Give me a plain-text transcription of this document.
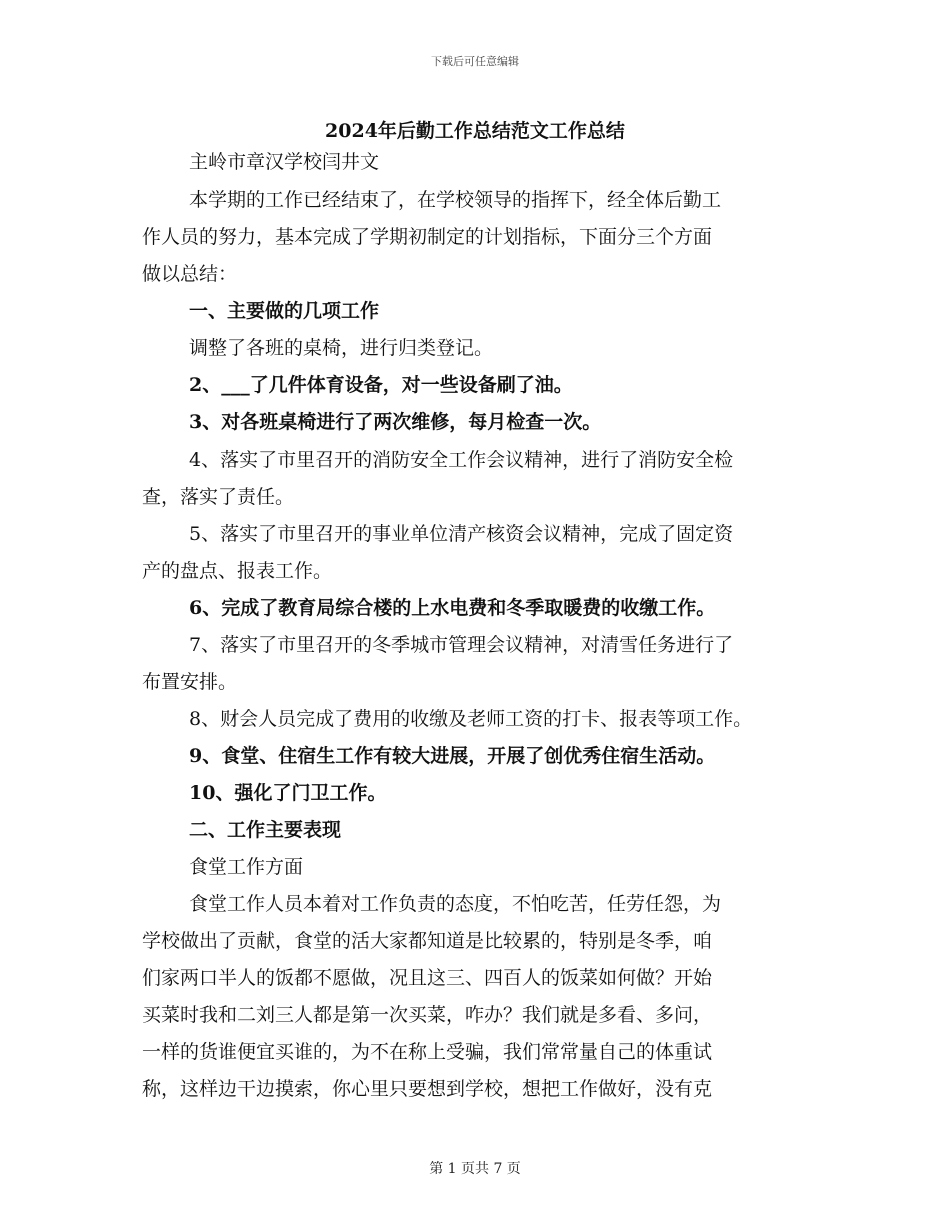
下载后可任意编辑
2024年后勤工作总结范文工作总结
主岭市章汉学校闫井文
本学期的工作已经结束了，在学校领导的指挥下，经全体后勤工
作人员的努力，基本完成了学期初制定的计划指标，下面分三个方面
做以总结：
一、主要做的几项工作
调整了各班的桌椅，进行归类登记。
2、___了几件体育设备，对一些设备刷了油。
3、对各班桌椅进行了两次维修，每月检查一次。
4、落实了市里召开的消防安全工作会议精神，进行了消防安全检
查，落实了责任。
5、落实了市里召开的事业单位清产核资会议精神，完成了固定资
产的盘点、报表工作。
6、完成了教育局综合楼的上水电费和冬季取暖费的收缴工作。
7、落实了市里召开的冬季城市管理会议精神，对清雪任务进行了
布置安排。
8、财会人员完成了费用的收缴及老师工资的打卡、报表等项工作。
9、食堂、住宿生工作有较大进展，开展了创优秀住宿生活动。
10、强化了门卫工作。
二、工作主要表现
食堂工作方面
食堂工作人员本着对工作负责的态度，不怕吃苦，任劳任怨，为
学校做出了贡献，食堂的活大家都知道是比较累的，特别是冬季，咱
们家两口半人的饭都不愿做，况且这三、四百人的饭菜如何做？开始
买菜时我和二刘三人都是第一次买菜，咋办？我们就是多看、多问，
一样的货谁便宜买谁的，为不在称上受骗，我们常常量自己的体重试
称，这样边干边摸索，你心里只要想到学校，想把工作做好，没有克
第 1 页共 7 页
